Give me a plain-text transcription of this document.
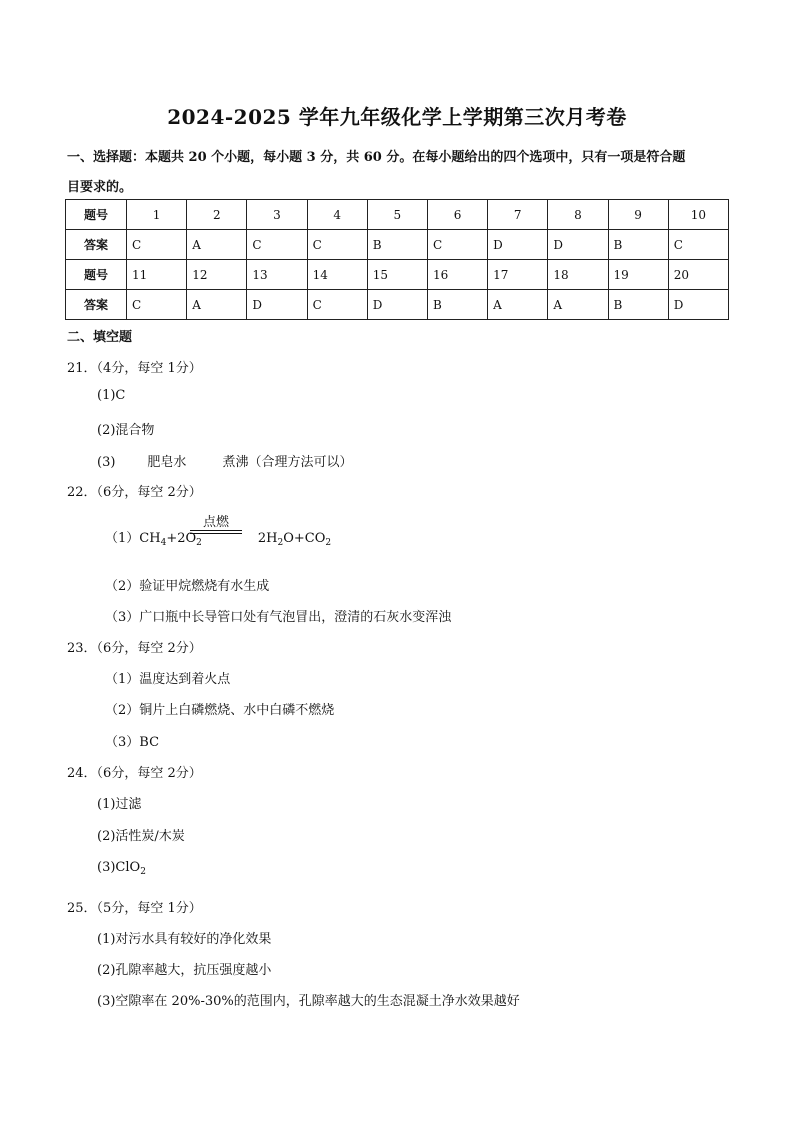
2024-2025 学年九年级化学上学期第三次月考卷
一、选择题：本题共 20 个小题，每小题 3 分，共 60 分。在每小题给出的四个选项中，只有一项是符合题
目要求的。
题号	1	2	3	4	5	6	7	8	9	10
答案	C	A	C	C	B	C	D	D	B	C
题号	11	12	13	14	15	16	17	18	19	20
答案	C	A	D	C	D	B	A	A	B	D
二、填空题
21．（4分，每空 1分）
(1)C
(2)混合物
(3) 肥皂水	煮沸（合理方法可以）
22．（6分，每空 2分）
点燃
$(1)CH_4+2O_2$	$2H_2O+CO_2$
（2）验证甲烷燃烧有水生成
（3）广口瓶中长导管口处有气泡冒出，澄清的石灰水变浑浊
23．（6分，每空 2分）
（1）温度达到着火点
（2）铜片上白磷燃烧、水中白磷不燃烧
（3）BC
24．（6分，每空 2分）
(1)过滤
(2)活性炭/木炭
(3)ClO$_2$
25．（5分，每空 1分）
(1)对污水具有较好的净化效果
(2)孔隙率越大，抗压强度越小
(3)空隙率在 20%-30%的范围内，孔隙率越大的生态混凝土净水效果越好
